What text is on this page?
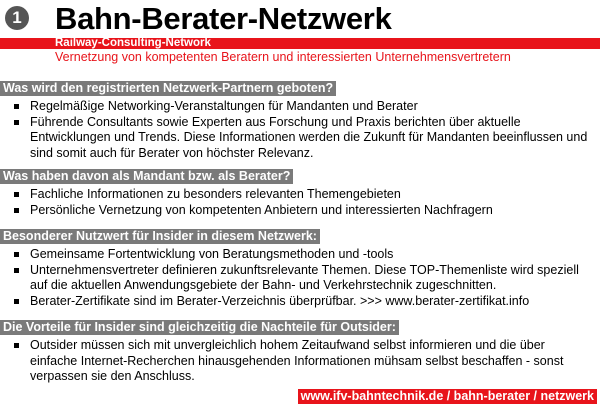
1 Bahn-Berater-Netzwerk
Railway-Consulting-Network
Vernetzung von kompetenten Beratern und interessierten Unternehmensvertretern
Was wird den registrierten Netzwerk-Partnern geboten?
Regelmäßige Networking-Veranstaltungen für Mandanten und Berater
Führende Consultants sowie Experten aus Forschung und Praxis berichten über aktuelle Entwicklungen und Trends. Diese Informationen werden die Zukunft für Mandanten beeinflussen und sind somit auch für Berater von höchster Relevanz.
Was haben davon als Mandant bzw. als Berater?
Fachliche Informationen zu besonders relevanten Themengebieten
Persönliche Vernetzung von kompetenten Anbietern und interessierten Nachfragern
Besonderer Nutzwert für Insider in diesem Netzwerk:
Gemeinsame Fortentwicklung von Beratungsmethoden und -tools
Unternehmensvertreter definieren zukunftsrelevante Themen. Diese TOP-Themenliste wird speziell auf die aktuellen Anwendungsgebiete der Bahn- und Verkehrstechnik zugeschnitten.
Berater-Zertifikate sind im Berater-Verzeichnis überprüfbar. >>> www.berater-zertifikat.info
Die Vorteile für Insider sind gleichzeitig die Nachteile für Outsider:
Outsider müssen sich mit unvergleichlich hohem Zeitaufwand selbst informieren und die über einfache Internet-Recherchen hinausgehenden Informationen mühsam selbst beschaffen - sonst verpassen sie den Anschluss.
www.ifv-bahntechnik.de / bahn-berater / netzwerk
